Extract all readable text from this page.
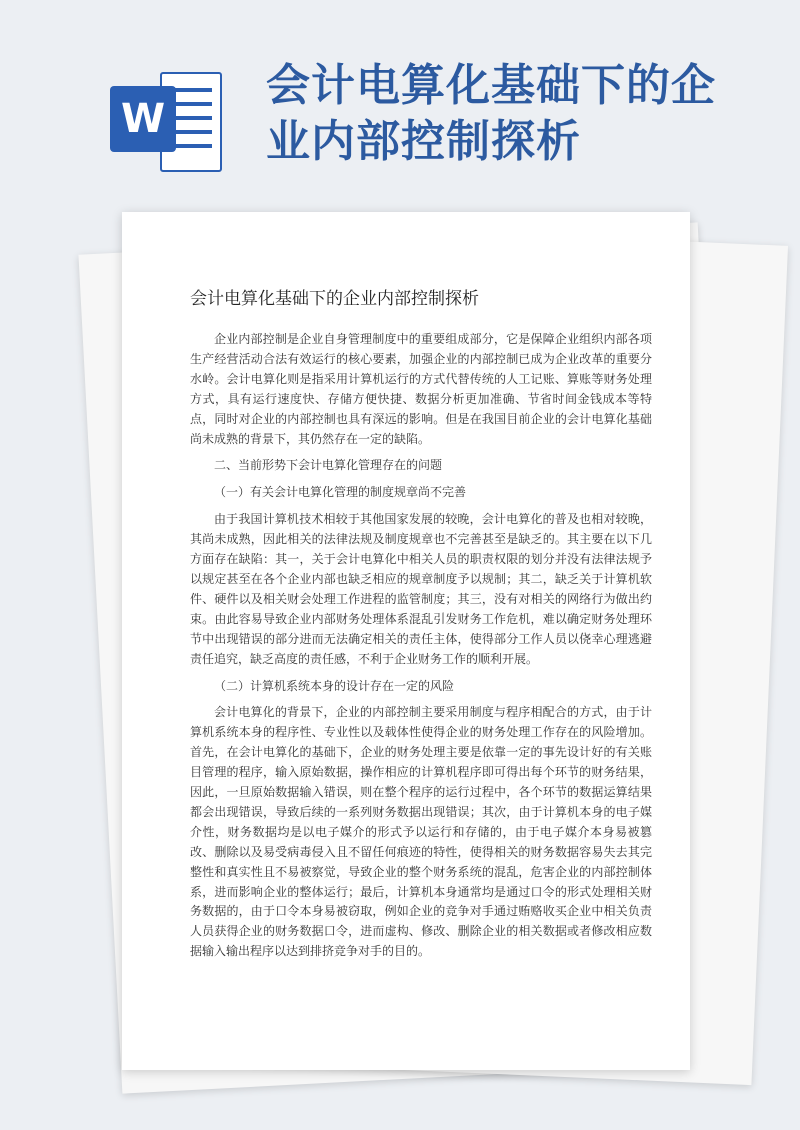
W
会计电算化基础下的企业内部控制探析
会计电算化基础下的企业内部控制探析

企业内部控制是企业自身管理制度中的重要组成部分，它是保障企业组织内部各项生产经营活动合法有效运行的核心要素，加强企业的内部控制已成为企业改革的重要分水岭。会计电算化则是指采用计算机运行的方式代替传统的人工记账、算账等财务处理方式，具有运行速度快、存储方便快捷、数据分析更加准确、节省时间金钱成本等特点，同时对企业的内部控制也具有深远的影响。但是在我国目前企业的会计电算化基础尚未成熟的背景下，其仍然存在一定的缺陷。

二、当前形势下会计电算化管理存在的问题

（一）有关会计电算化管理的制度规章尚不完善

由于我国计算机技术相较于其他国家发展的较晚，会计电算化的普及也相对较晚，其尚未成熟，因此相关的法律法规及制度规章也不完善甚至是缺乏的。其主要在以下几方面存在缺陷：其一，关于会计电算化中相关人员的职责权限的划分并没有法律法规予以规定甚至在各个企业内部也缺乏相应的规章制度予以规制；其二，缺乏关于计算机软件、硬件以及相关财会处理工作进程的监管制度；其三，没有对相关的网络行为做出约束。由此容易导致企业内部财务处理体系混乱引发财务工作危机，难以确定财务处理环节中出现错误的部分进而无法确定相关的责任主体，使得部分工作人员以侥幸心理逃避责任追究，缺乏高度的责任感，不利于企业财务工作的顺利开展。

（二）计算机系统本身的设计存在一定的风险

会计电算化的背景下，企业的内部控制主要采用制度与程序相配合的方式，由于计算机系统本身的程序性、专业性以及载体性使得企业的财务处理工作存在的风险增加。首先，在会计电算化的基础下，企业的财务处理主要是依靠一定的事先设计好的有关账目管理的程序，输入原始数据，操作相应的计算机程序即可得出每个环节的财务结果，因此，一旦原始数据输入错误，则在整个程序的运行过程中，各个环节的数据运算结果都会出现错误，导致后续的一系列财务数据出现错误；其次，由于计算机本身的电子媒介性，财务数据均是以电子媒介的形式予以运行和存储的，由于电子媒介本身易被篡改、删除以及易受病毒侵入且不留任何痕迹的特性，使得相关的财务数据容易失去其完整性和真实性且不易被察觉，导致企业的整个财务系统的混乱，危害企业的内部控制体系，进而影响企业的整体运行；最后，计算机本身通常均是通过口令的形式处理相关财务数据的，由于口令本身易被窃取，例如企业的竞争对手通过贿赂收买企业中相关负责人员获得企业的财务数据口令，进而虚构、修改、删除企业的相关数据或者修改相应数据输入输出程序以达到排挤竞争对手的目的。
